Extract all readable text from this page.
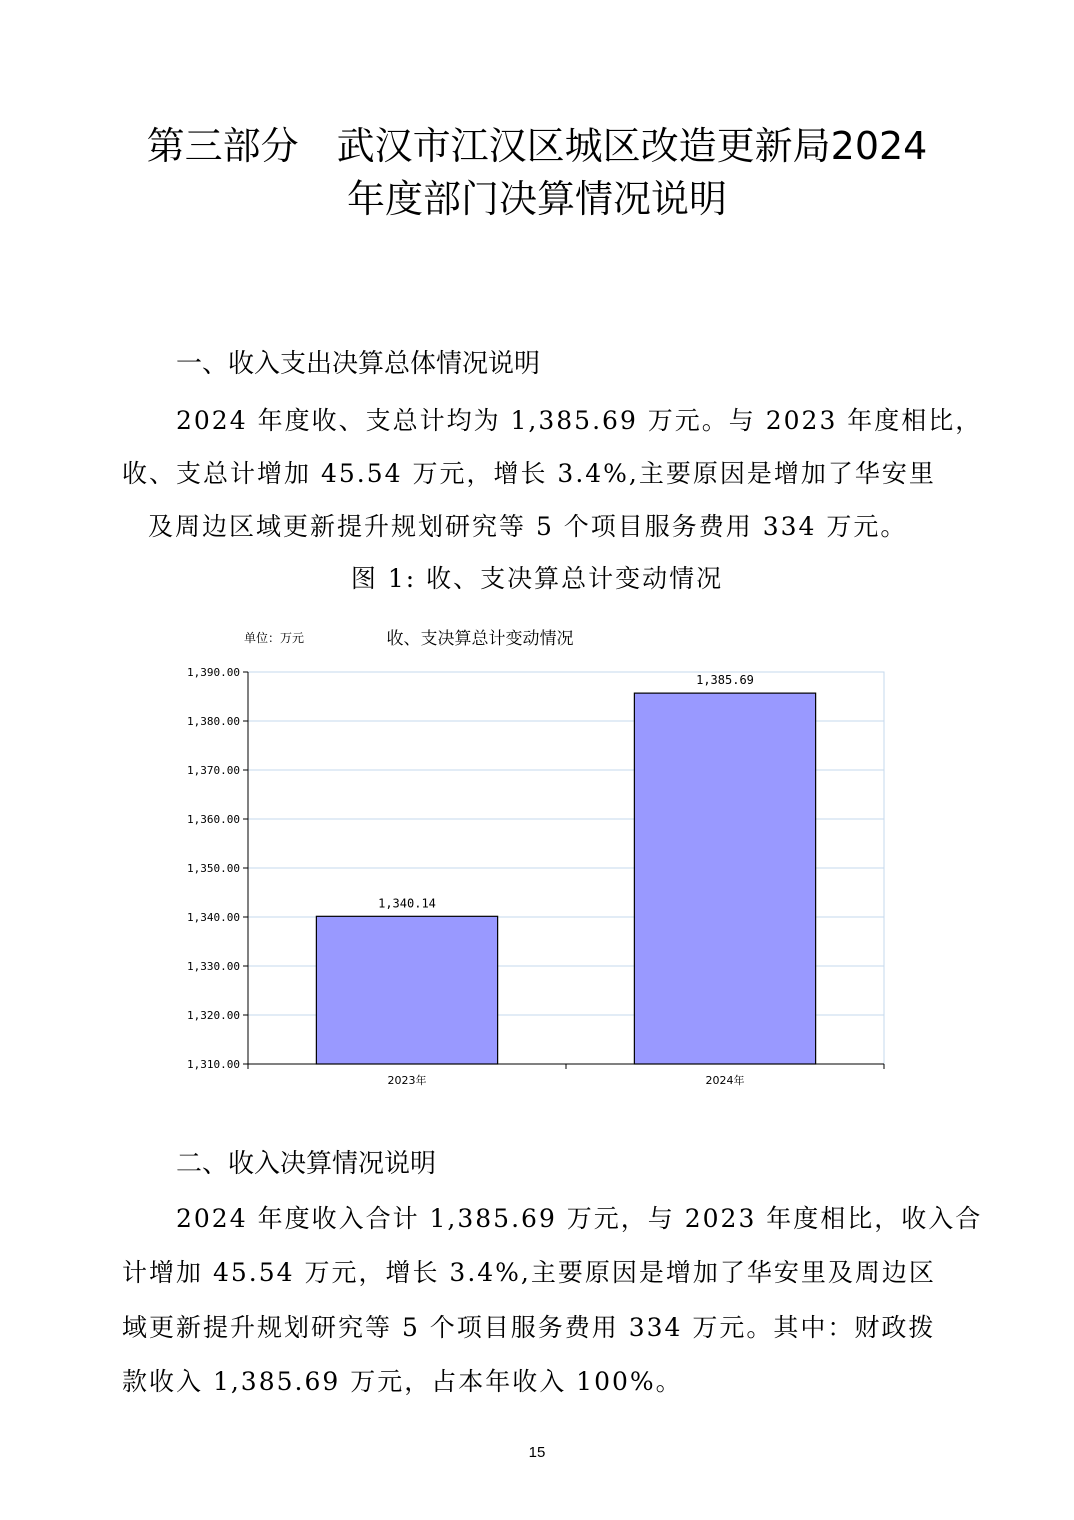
第三部分　武汉市江汉区城区改造更新局2024
年度部门决算情况说明
一、收入支出决算总体情况说明
2024 年度收、支总计均为 1,385.69 万元。与 2023 年度相比，
收、支总计增加 45.54 万元，增长 3.4%,主要原因是增加了华安里
及周边区域更新提升规划研究等 5 个项目服务费用 334 万元。
图 1: 收、支决算总计变动情况
单位：万元	收、支决算总计变动情况
1,310.00
1,320.00
1,330.00
1,340.00
1,350.00
1,360.00
1,370.00
1,380.00
1,390.00
2023年	2024年
1,340.14
1,385.69
二、收入决算情况说明
2024 年度收入合计 1,385.69 万元，与 2023 年度相比，收入合
计增加 45.54 万元，增长 3.4%,主要原因是增加了华安里及周边区
域更新提升规划研究等 5 个项目服务费用 334 万元。其中：财政拨
款收入 1,385.69 万元，占本年收入 100%。
15
